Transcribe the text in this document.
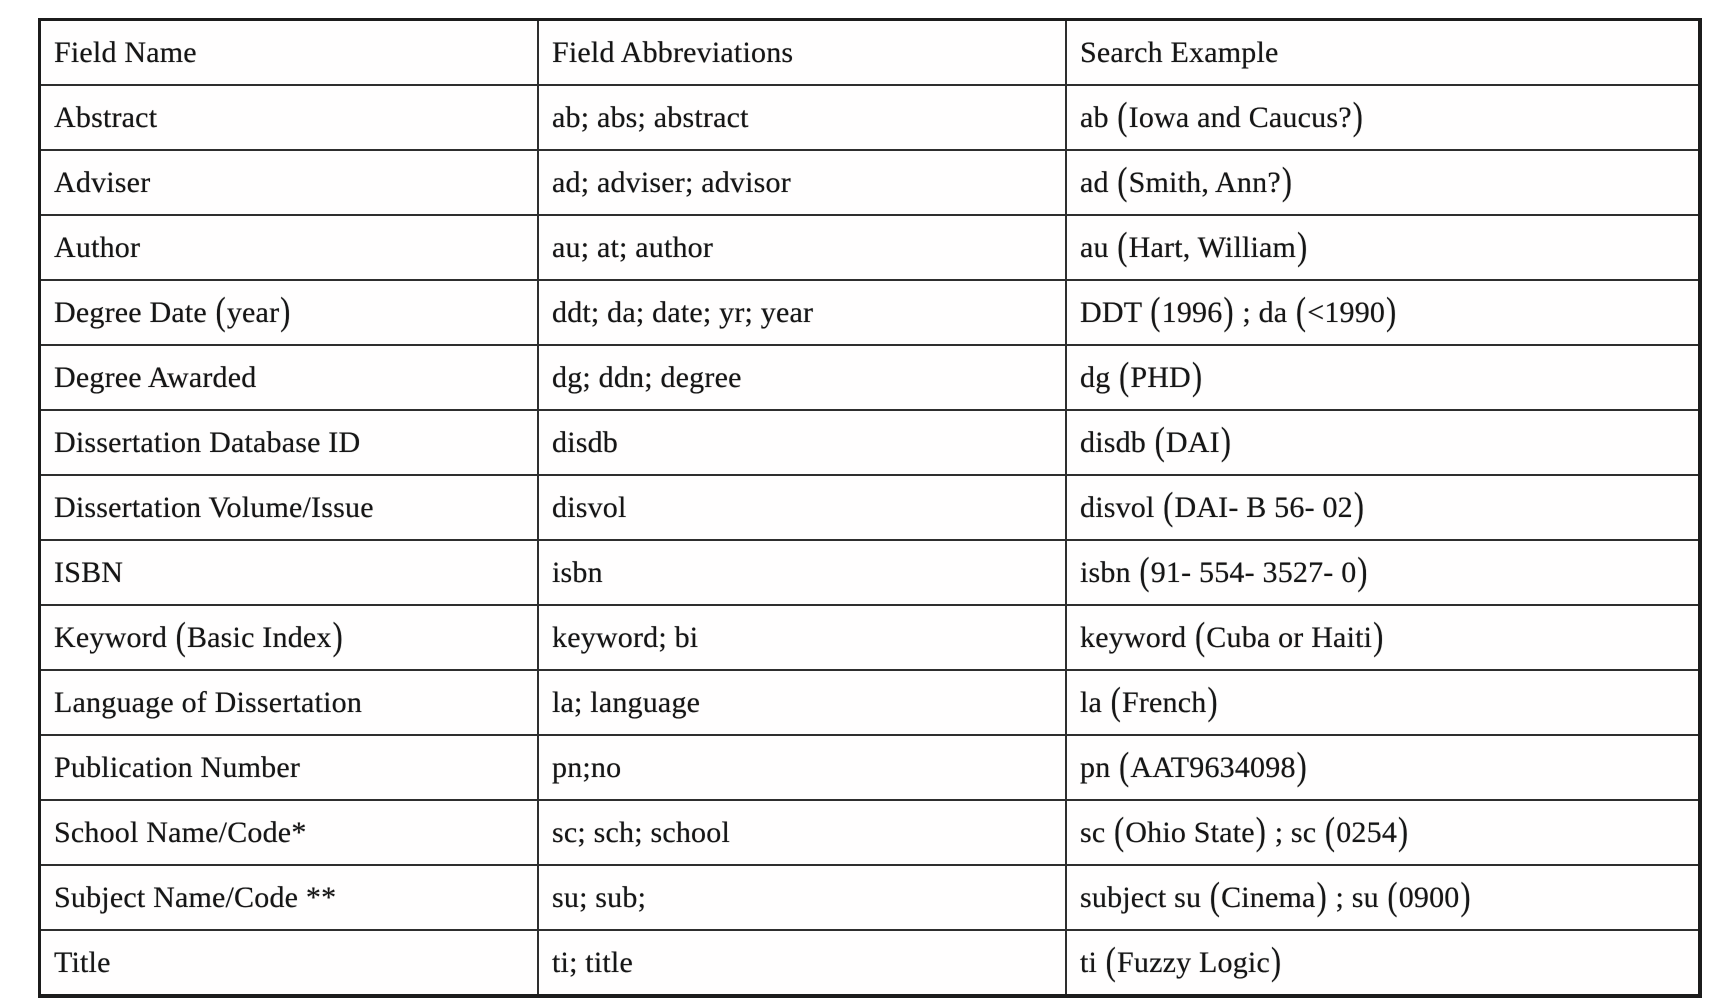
Field Name	Field Abbreviations	Search Example
Abstract	ab; abs; abstract	ab (Iowa and Caucus?)
Adviser	ad; adviser; advisor	ad (Smith, Ann?)
Author	au; at; author	au (Hart, William)
Degree Date (year)	ddt; da; date; yr; year	DDT (1996) ; da (<1990)
Degree Awarded	dg; ddn; degree	dg (PHD)
Dissertation Database ID	disdb	disdb (DAI)
Dissertation Volume/Issue	disvol	disvol (DAI- B 56- 02)
ISBN	isbn	isbn (91- 554- 3527- 0)
Keyword (Basic Index)	keyword; bi	keyword (Cuba or Haiti)
Language of Dissertation	la; language	la (French)
Publication Number	pn;no	pn (AAT9634098)
School Name/Code*	sc; sch; school	sc (Ohio State) ; sc (0254)
Subject Name/Code **	su; sub;	subject su (Cinema) ; su (0900)
Title	ti; title	ti (Fuzzy Logic)
